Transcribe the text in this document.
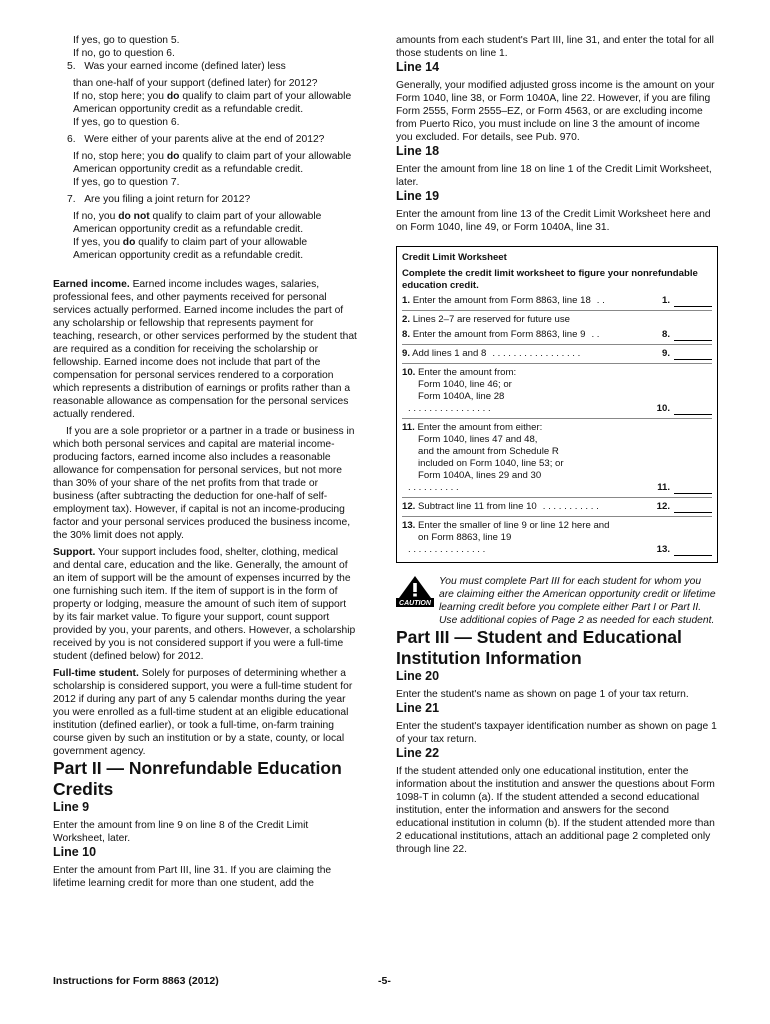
If yes, go to question 5.
If no, go to question 6.
5. Was your earned income (defined later) less
than one-half of your support (defined later) for 2012?
If no, stop here; you do qualify to claim part of your allowable
American opportunity credit as a refundable credit.
If yes, go to question 6.
6. Were either of your parents alive at the end of 2012?
If no, stop here; you do qualify to claim part of your allowable
American opportunity credit as a refundable credit.
If yes, go to question 7.
7. Are you filing a joint return for 2012?
If no, you do not qualify to claim part of your allowable
American opportunity credit as a refundable credit.
If yes, you do qualify to claim part of your allowable
American opportunity credit as a refundable credit.

Earned income. Earned income includes wages, salaries, professional fees, and other payments received for personal services actually performed. Earned income includes the part of any scholarship or fellowship that represents payment for teaching, research, or other services performed by the student that are required as a condition for receiving the scholarship or fellowship. Earned income does not include that part of the compensation for personal services rendered to a corporation which represents a distribution of earnings or profits rather than a reasonable allowance as compensation for the personal services actually rendered.

If you are a sole proprietor or a partner in a trade or business in which both personal services and capital are material income-producing factors, earned income also includes a reasonable allowance for compensation for personal services, but not more than 30% of your share of the net profits from that trade or business (after subtracting the deduction for one-half of self-employment tax). However, if capital is not an income-producing factor and your personal services produced the business income, the 30% limit does not apply.

Support. Your support includes food, shelter, clothing, medical and dental care, education and the like. Generally, the amount of an item of support will be the amount of expenses incurred by the one furnishing such item. If the item of support is in the form of property or lodging, measure the amount of such item of support by its fair market value. To figure your support, count support provided by you, your parents, and others. However, a scholarship received by you is not considered support if you were a full-time student (defined below) for 2012.

Full-time student. Solely for purposes of determining whether a scholarship is considered support, you were a full-time student for 2012 if during any part of any 5 calendar months during the year you were enrolled as a full-time student at an eligible educational institution (defined earlier), or took a full-time, on-farm training course given by such an institution or by a state, county, or local government agency.

Part II — Nonrefundable Education Credits
Line 9

Enter the amount from line 9 on line 8 of the Credit Limit Worksheet, later.

Line 10

Enter the amount from Part III, line 31. If you are claiming the lifetime learning credit for more than one student, add the

amounts from each student's Part III, line 31, and enter the total for all those students on line 1.

Line 14

Generally, your modified adjusted gross income is the amount on your Form 1040, line 38, or Form 1040A, line 22. However, if you are filing Form 2555, Form 2555–EZ, or Form 4563, or are excluding income from Puerto Rico, you must include on line 3 the amount of income you excluded. For details, see Pub. 970.

Line 18

Enter the amount from line 18 on line 1 of the Credit Limit Worksheet, later.

Line 19

Enter the amount from line 13 of the Credit Limit Worksheet here and on Form 1040, line 49, or Form 1040A, line 31.

Credit Limit Worksheet
Complete the credit limit worksheet to figure your nonrefundable education credit.
1. Enter the amount from Form 8863, line 18 . .	1.
2. Lines 2–7 are reserved for future use
8. Enter the amount from Form 8863, line 9 . .	8.
9. Add lines 1 and 8 . . . . . . . . . . . . . . . . .	9.
10. Enter the amount from:
Form 1040, line 46; or
Form 1040A, line 28
. . . . . . . . . . . . . . . .	10.
11. Enter the amount from either:
Form 1040, lines 47 and 48,
and the amount from Schedule R
included on Form 1040, line 53; or
Form 1040A, lines 29 and 30
. . . . . . . . . .	11.
12. Subtract line 11 from line 10 . . . . . . . . . . .	12.
13. Enter the smaller of line 9 or line 12 here and
on Form 8863, line 19
. . . . . . . . . . . . . . .	13.
CAUTION
You must complete Part III for each student for whom you are claiming either the American opportunity credit or lifetime learning credit before you complete either Part I or Part II. Use additional copies of Page 2 as needed for each student.
Part III — Student and Educational Institution Information
Line 20

Enter the student's name as shown on page 1 of your tax return.

Line 21

Enter the student's taxpayer identification number as shown on page 1 of your tax return.

Line 22

If the student attended only one educational institution, enter the information about the institution and answer the questions about Form 1098-T in column (a). If the student attended a second educational institution, enter the information and answers for the second educational institution in column (b). If the student attended more than 2 educational institutions, attach an additional page 2 completed only through line 22.

Instructions for Form 8863 (2012)	-5-
